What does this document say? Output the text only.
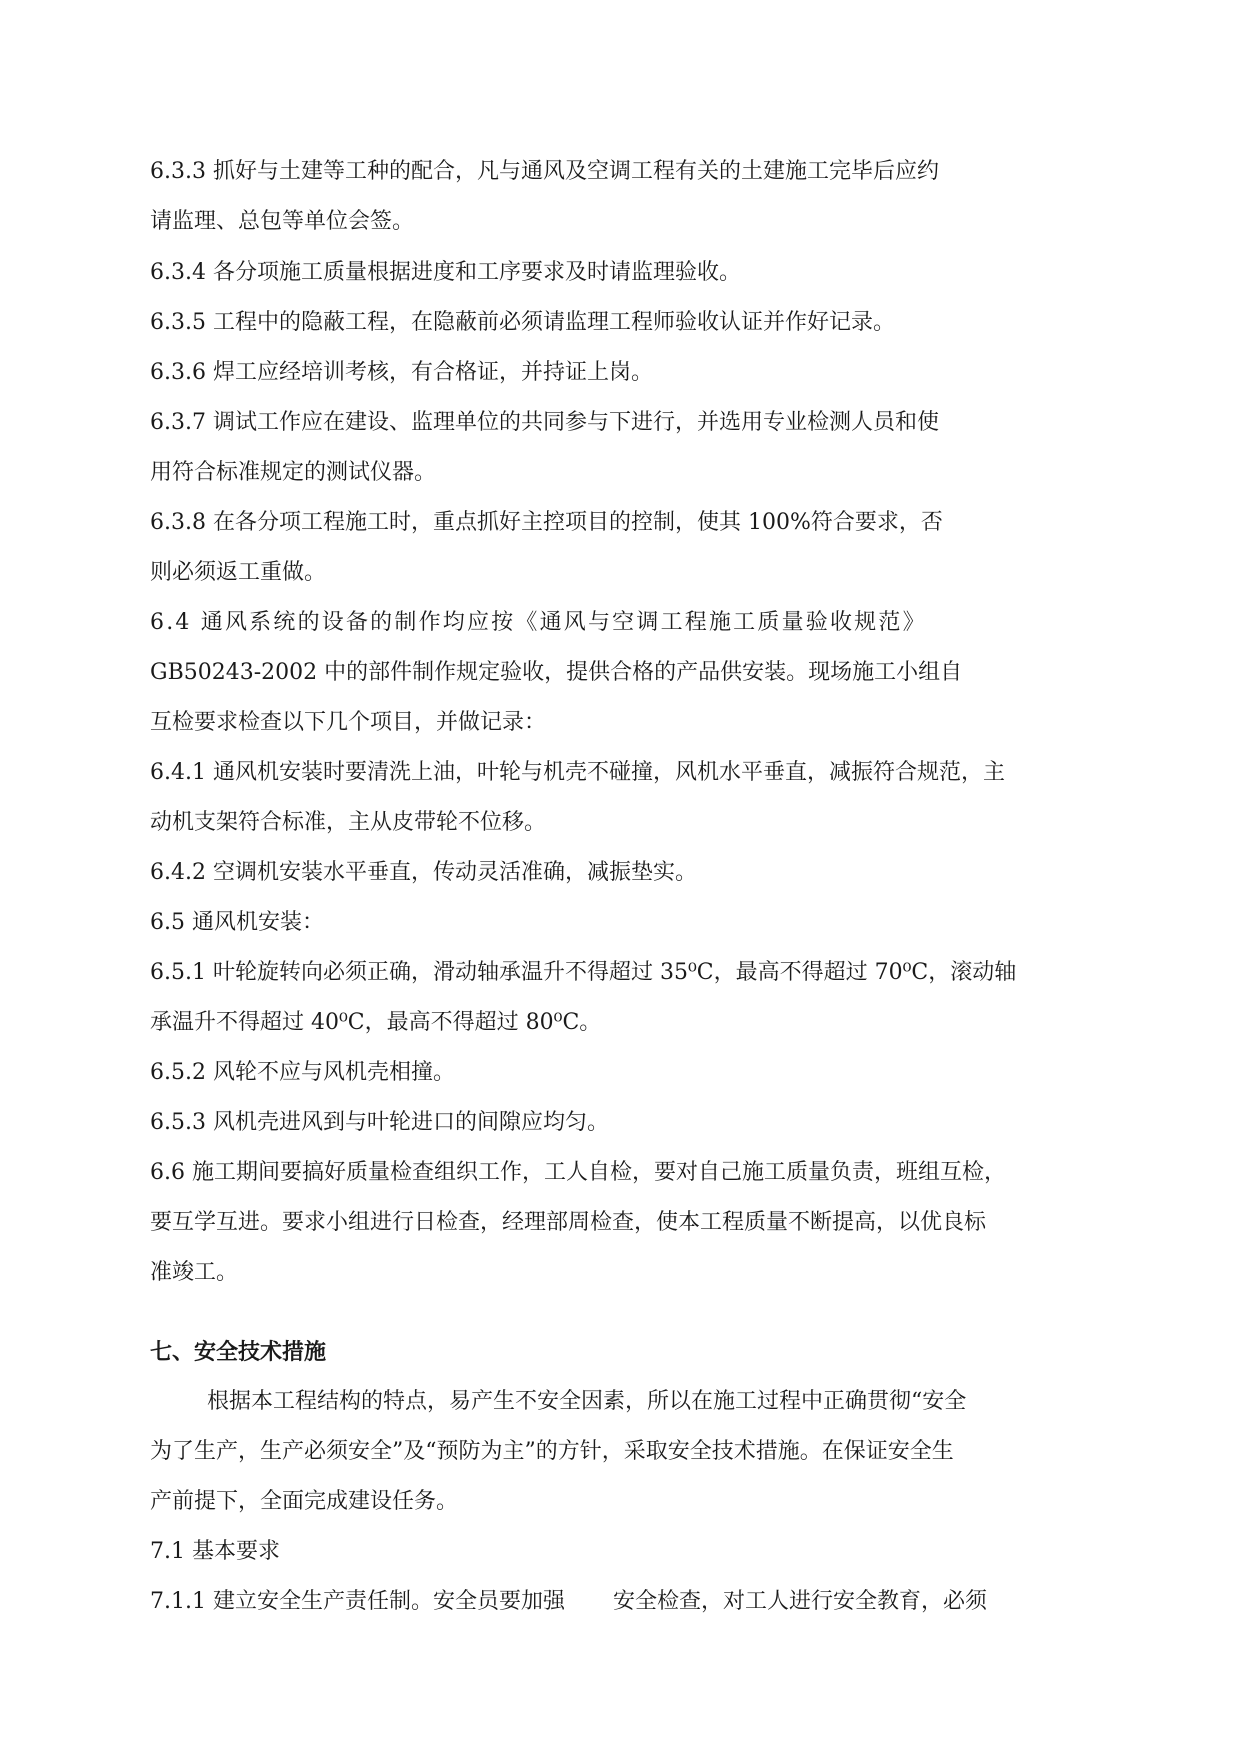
6.3.3 抓好与土建等工种的配合，凡与通风及空调工程有关的土建施工完毕后应约
请监理、总包等单位会签。
6.3.4 各分项施工质量根据进度和工序要求及时请监理验收。
6.3.5 工程中的隐蔽工程，在隐蔽前必须请监理工程师验收认证并作好记录。
6.3.6 焊工应经培训考核，有合格证，并持证上岗。
6.3.7 调试工作应在建设、监理单位的共同参与下进行，并选用专业检测人员和使
用符合标准规定的测试仪器。
6.3.8 在各分项工程施工时，重点抓好主控项目的控制，使其 100%符合要求，否
则必须返工重做。
6.4 通风系统的设备的制作均应按《通风与空调工程施工质量验收规范》
GB50243-2002 中的部件制作规定验收，提供合格的产品供安装。现场施工小组自
互检要求检查以下几个项目，并做记录：
6.4.1 通风机安装时要清洗上油，叶轮与机壳不碰撞，风机水平垂直，减振符合规范，主
动机支架符合标准，主从皮带轮不位移。
6.4.2 空调机安装水平垂直，传动灵活准确，减振垫实。
6.5 通风机安装：
6.5.1 叶轮旋转向必须正确，滑动轴承温升不得超过 35⁰C，最高不得超过 70⁰C，滚动轴
承温升不得超过 40⁰C，最高不得超过 80⁰C。
6.5.2 风轮不应与风机壳相撞。
6.5.3 风机壳进风到与叶轮进口的间隙应均匀。
6.6 施工期间要搞好质量检查组织工作，工人自检，要对自己施工质量负责，班组互检，
要互学互进。要求小组进行日检查，经理部周检查，使本工程质量不断提高，以优良标
准竣工。
七、安全技术措施
根据本工程结构的特点，易产生不安全因素，所以在施工过程中正确贯彻“安全
为了生产，生产必须安全”及“预防为主”的方针，采取安全技术措施。在保证安全生
产前提下，全面完成建设任务。
7.1 基本要求
7.1.1 建立安全生产责任制。安全员要加强 安全检查，对工人进行安全教育，必须
